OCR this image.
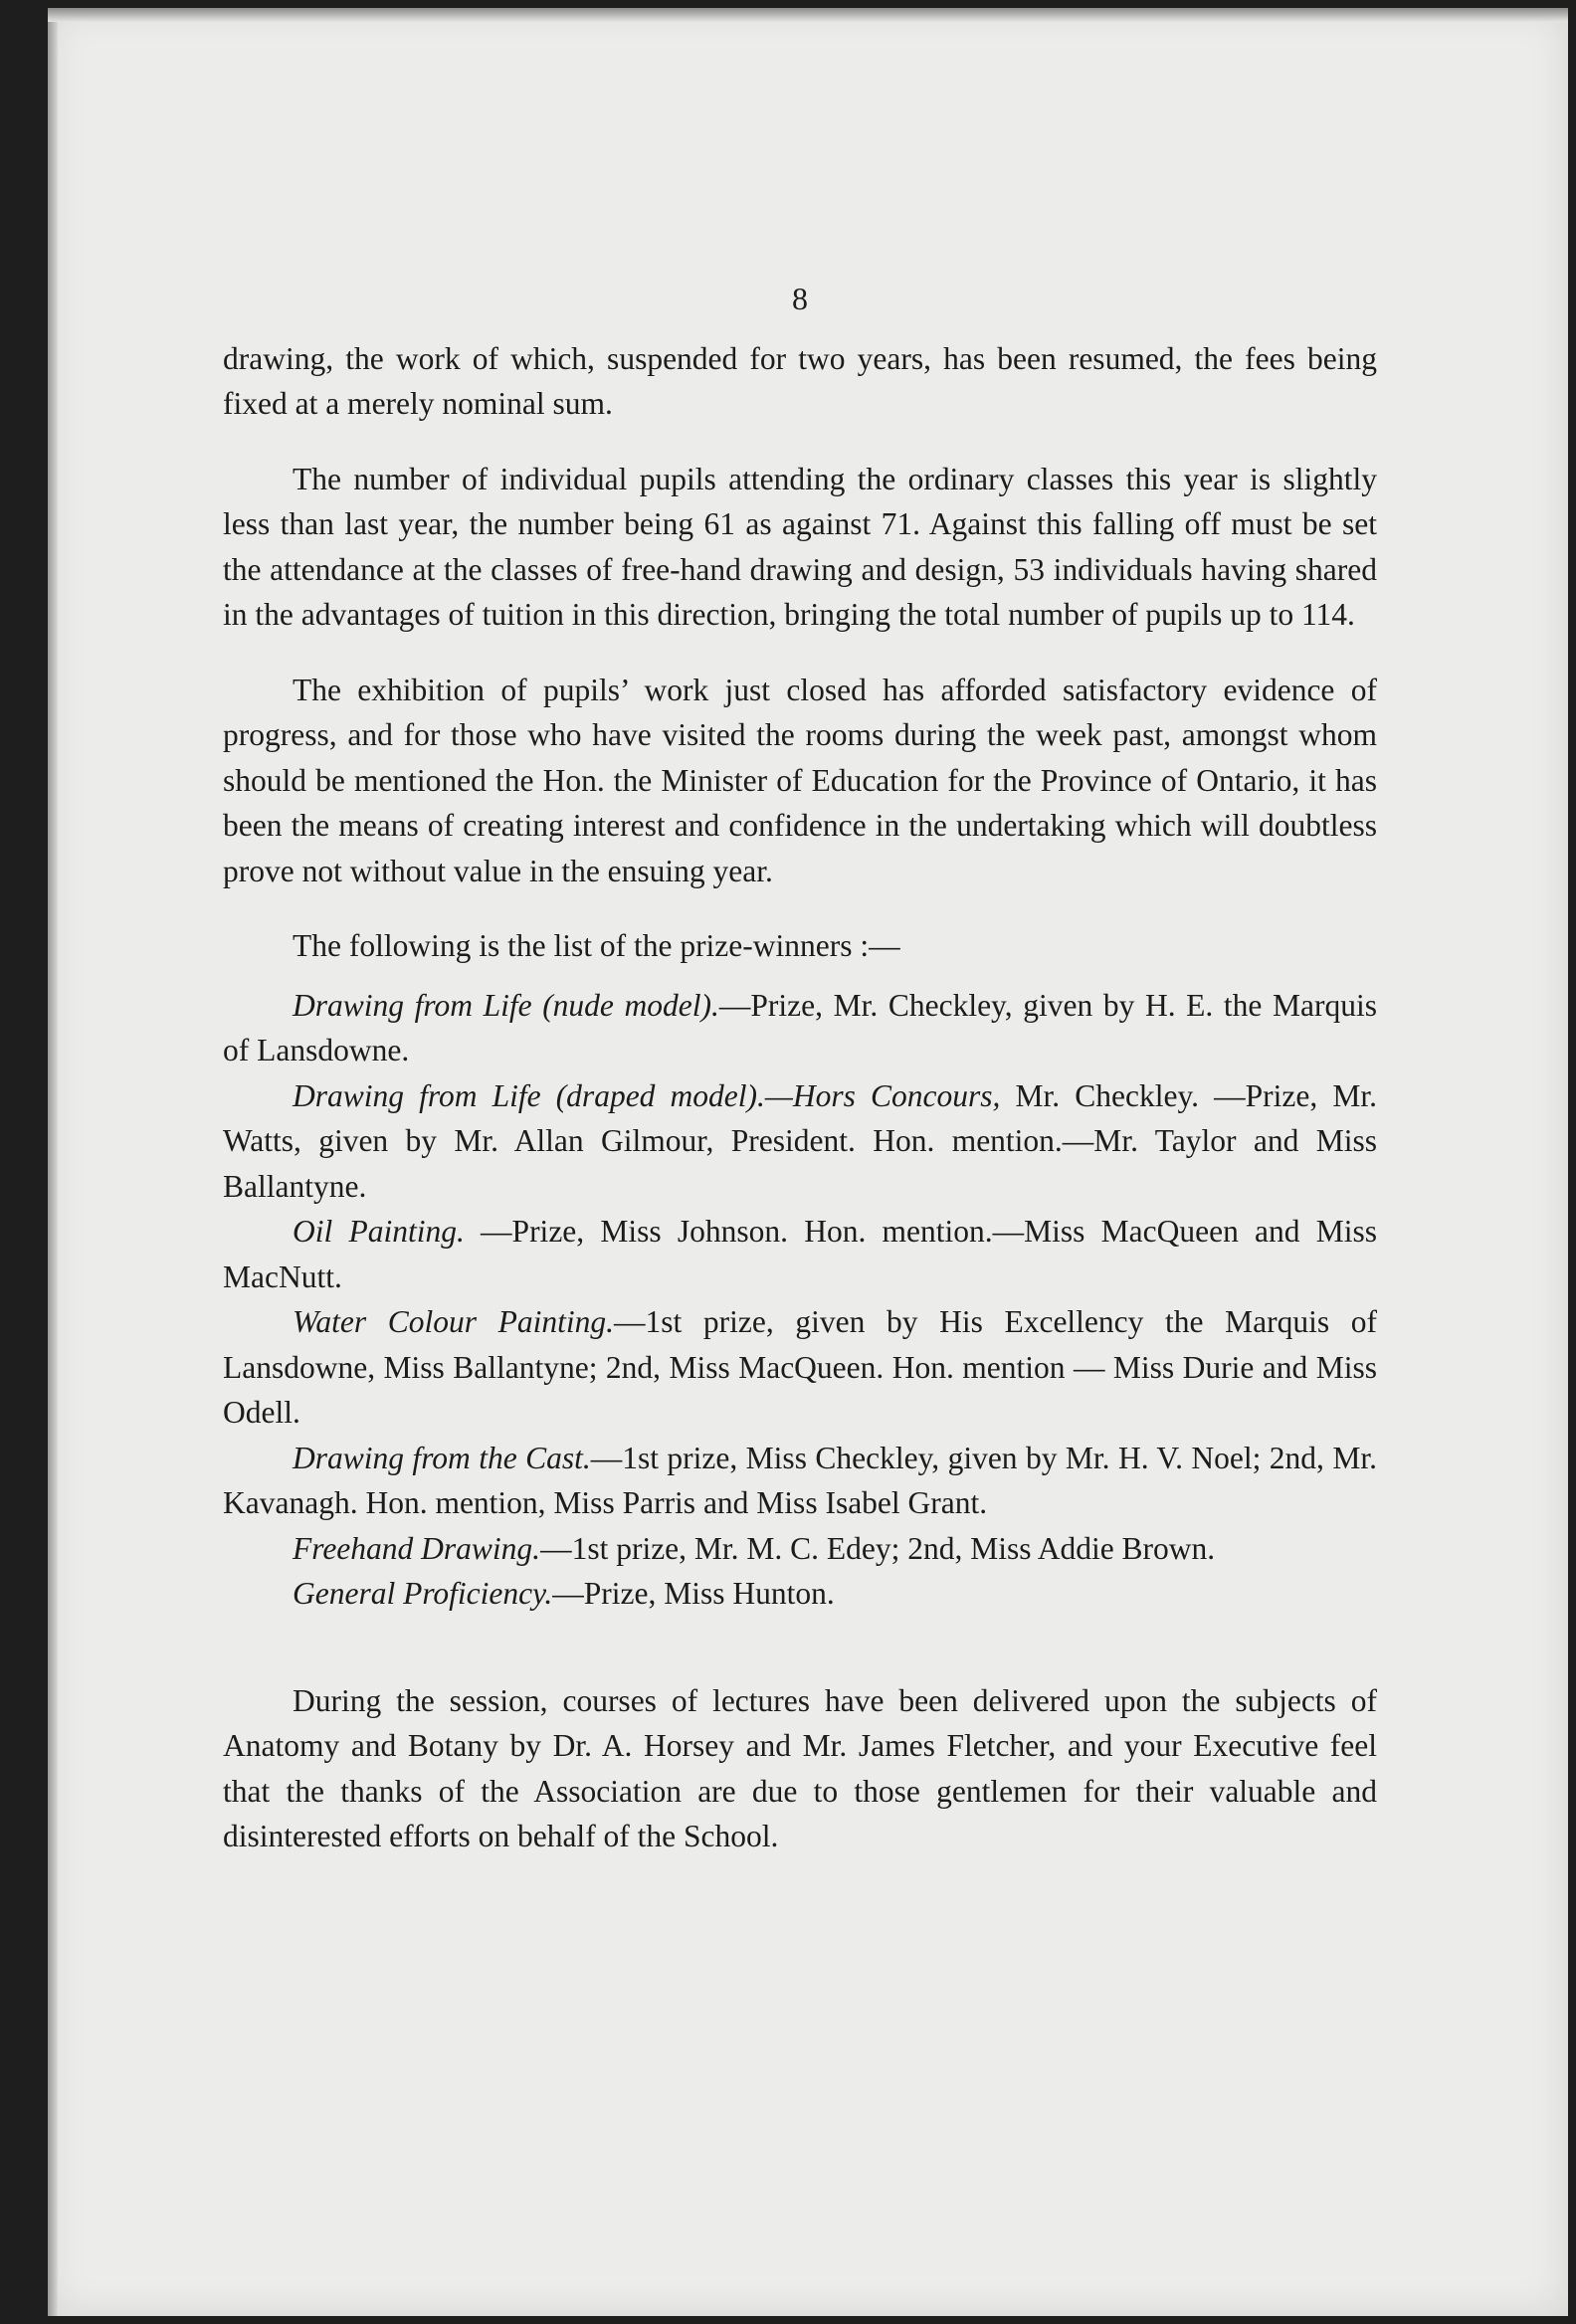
8

drawing, the work of which, suspended for two years, has been resumed, the fees being fixed at a merely nominal sum.

The number of individual pupils attending the ordinary classes this year is slightly less than last year, the number being 61 as against 71. Against this falling off must be set the attendance at the classes of free-hand drawing and design, 53 individuals having shared in the advantages of tuition in this direction, bringing the total number of pupils up to 114.

The exhibition of pupils’ work just closed has afforded satisfactory evidence of progress, and for those who have visited the rooms during the week past, amongst whom should be mentioned the Hon. the Minister of Education for the Province of Ontario, it has been the means of creating interest and confidence in the undertaking which will doubtless prove not without value in the ensuing year.

The following is the list of the prize-winners :—

Drawing from Life (nude model).—Prize, Mr. Checkley, given by H. E. the Marquis of Lansdowne.

Drawing from Life (draped model).—Hors Concours, Mr. Checkley. —Prize, Mr. Watts, given by Mr. Allan Gilmour, President. Hon. mention.—Mr. Taylor and Miss Ballantyne.

Oil Painting. —Prize, Miss Johnson. Hon. mention.—Miss MacQueen and Miss MacNutt.

Water Colour Painting.—1st prize, given by His Excellency the Marquis of Lansdowne, Miss Ballantyne; 2nd, Miss MacQueen. Hon. mention — Miss Durie and Miss Odell.

Drawing from the Cast.—1st prize, Miss Checkley, given by Mr. H. V. Noel; 2nd, Mr. Kavanagh. Hon. mention, Miss Parris and Miss Isabel Grant.

Freehand Drawing.—1st prize, Mr. M. C. Edey; 2nd, Miss Addie Brown.

General Proficiency.—Prize, Miss Hunton.

During the session, courses of lectures have been delivered upon the subjects of Anatomy and Botany by Dr. A. Horsey and Mr. James Fletcher, and your Executive feel that the thanks of the Association are due to those gentlemen for their valuable and disinterested efforts on behalf of the School.
